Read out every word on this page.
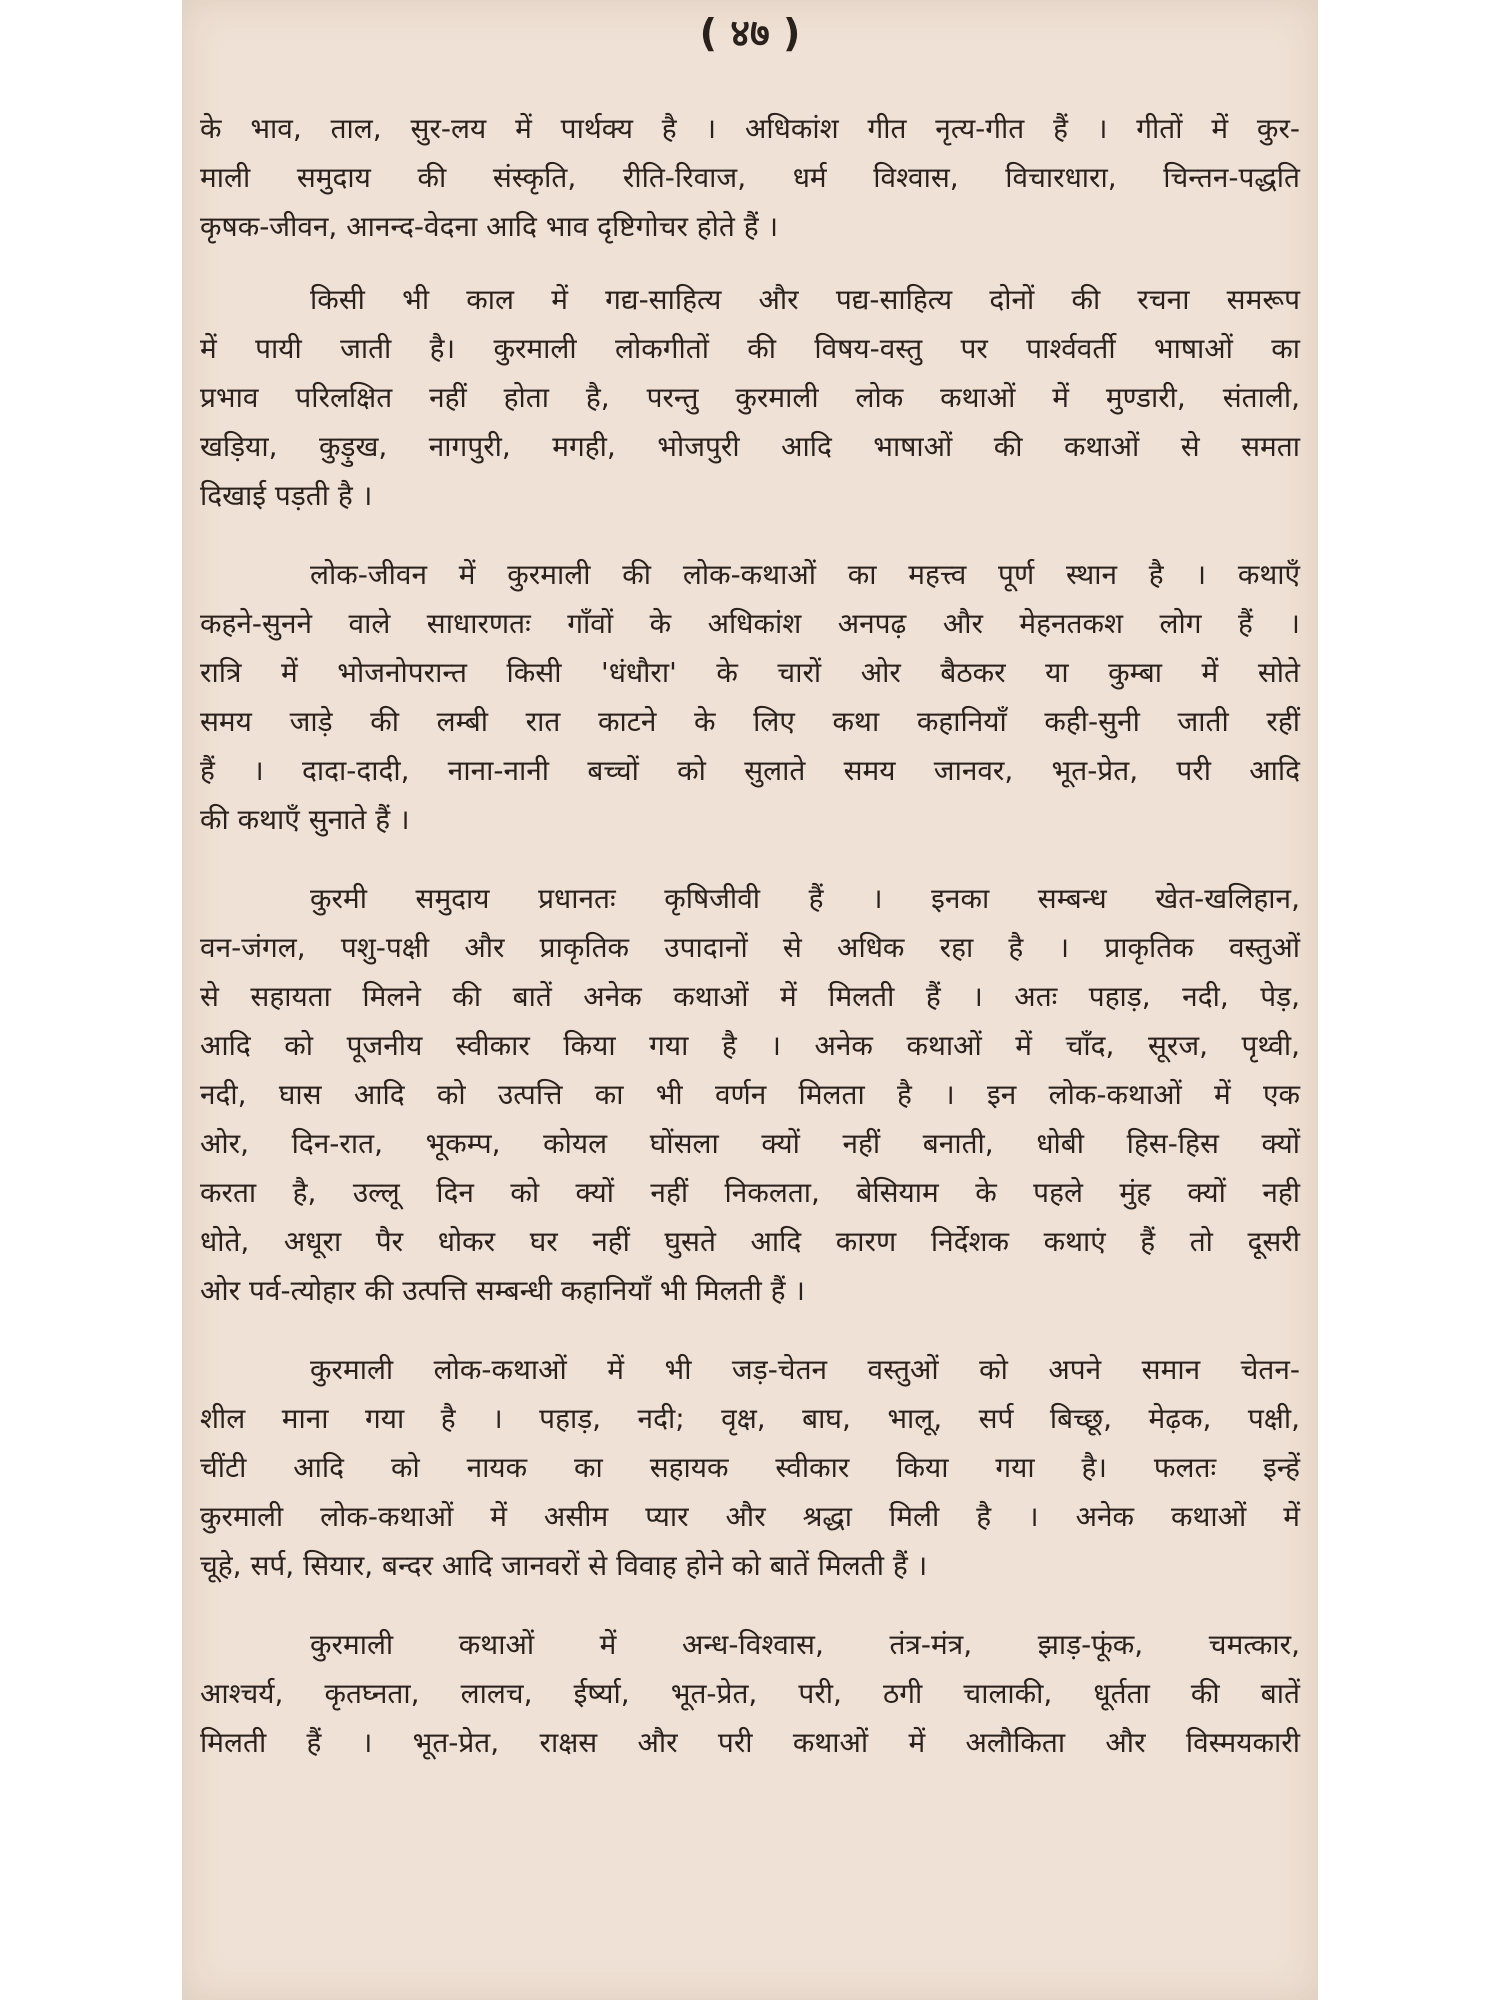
( ४७ )
के भाव, ताल, सुर-लय में पार्थक्य है । अधिकांश गीत नृत्य-गीत हैं । गीतों में कुर-
माली समुदाय की संस्कृति, रीति-रिवाज, धर्म विश्वास, विचारधारा, चिन्तन-पद्धति
कृषक-जीवन, आनन्द-वेदना आदि भाव दृष्टिगोचर होते हैं ।
किसी भी काल में गद्य-साहित्य और पद्य-साहित्य दोनों की रचना समरूप
में पायी जाती है। कुरमाली लोकगीतों की विषय-वस्तु पर पार्श्ववर्ती भाषाओं का
प्रभाव परिलक्षित नहीं होता है, परन्तु कुरमाली लोक कथाओं में मुण्डारी, संताली,
खड़िया, कुड़ुख, नागपुरी, मगही, भोजपुरी आदि भाषाओं की कथाओं से समता
दिखाई पड़ती है ।
लोक-जीवन में कुरमाली की लोक-कथाओं का महत्त्व पूर्ण स्थान है । कथाएँ
कहने-सुनने वाले साधारणतः गाँवों के अधिकांश अनपढ़ और मेहनतकश लोग हैं ।
रात्रि में भोजनोपरान्त किसी 'धंधौरा' के चारों ओर बैठकर या कुम्बा में सोते
समय जाड़े की लम्बी रात काटने के लिए कथा कहानियाँ कही-सुनी जाती रहीं
हैं । दादा-दादी, नाना-नानी बच्चों को सुलाते समय जानवर, भूत-प्रेत, परी आदि
की कथाएँ सुनाते हैं ।
कुरमी समुदाय प्रधानतः कृषिजीवी हैं । इनका सम्बन्ध खेत-खलिहान,
वन-जंगल, पशु-पक्षी और प्राकृतिक उपादानों से अधिक रहा है । प्राकृतिक वस्तुओं
से सहायता मिलने की बातें अनेक कथाओं में मिलती हैं । अतः पहाड़, नदी, पेड़,
आदि को पूजनीय स्वीकार किया गया है । अनेक कथाओं में चाँद, सूरज, पृथ्वी,
नदी, घास आदि को उत्पत्ति का भी वर्णन मिलता है । इन लोक-कथाओं में एक
ओर, दिन-रात, भूकम्प, कोयल घोंसला क्यों नहीं बनाती, धोबी हिस-हिस क्यों
करता है, उल्लू दिन को क्यों नहीं निकलता, बेसियाम के पहले मुंह क्यों नही
धोते, अधूरा पैर धोकर घर नहीं घुसते आदि कारण निर्देशक कथाएं हैं तो दूसरी
ओर पर्व-त्योहार की उत्पत्ति सम्बन्धी कहानियाँ भी मिलती हैं ।
कुरमाली लोक-कथाओं में भी जड़-चेतन वस्तुओं को अपने समान चेतन-
शील माना गया है । पहाड़, नदी; वृक्ष, बाघ, भालू, सर्प बिच्छू, मेढ़क, पक्षी,
चींटी आदि को नायक का सहायक स्वीकार किया गया है। फलतः इन्हें
कुरमाली लोक-कथाओं में असीम प्यार और श्रद्धा मिली है । अनेक कथाओं में
चूहे, सर्प, सियार, बन्दर आदि जानवरों से विवाह होने को बातें मिलती हैं ।
कुरमाली कथाओं में अन्ध-विश्वास, तंत्र-मंत्र, झाड़-फूंक, चमत्कार,
आश्चर्य, कृतघ्नता, लालच, ईर्ष्या, भूत-प्रेत, परी, ठगी चालाकी, धूर्तता की बातें
मिलती हैं । भूत-प्रेत, राक्षस और परी कथाओं में अलौकिता और विस्मयकारी
